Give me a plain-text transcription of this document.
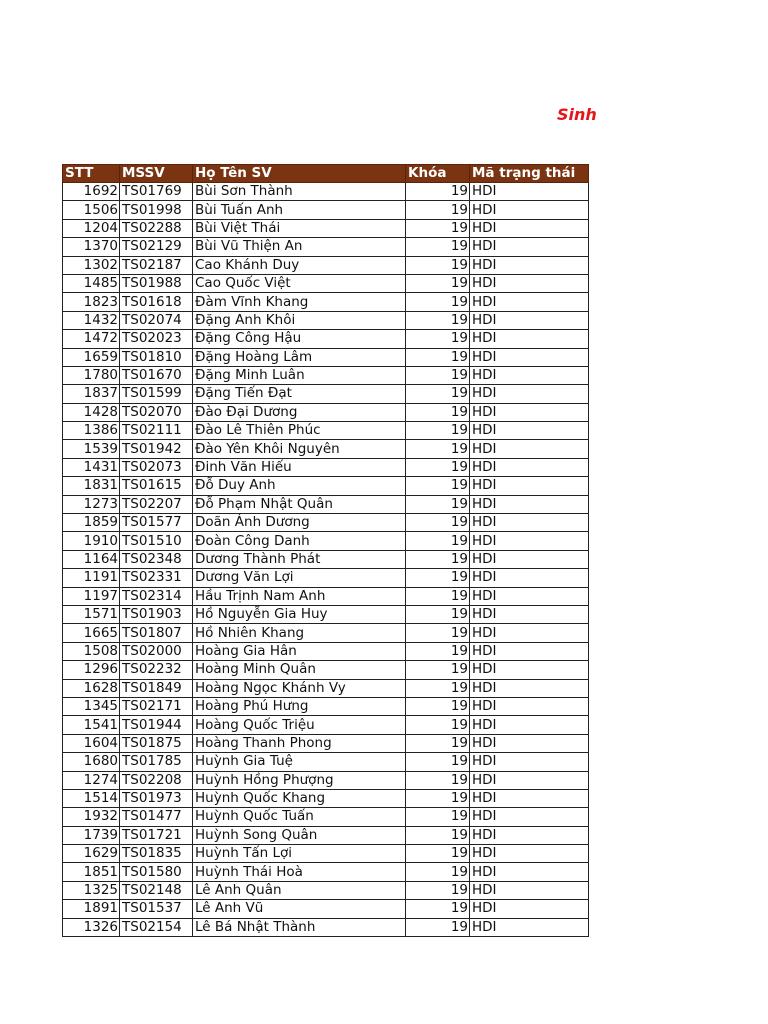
Sinh
STT	MSSV	Họ Tên SV	Khóa	Mã trạng thái
1692	TS01769	Bùi Sơn Thành	19	HDI
1506	TS01998	Bùi Tuấn Anh	19	HDI
1204	TS02288	Bùi Việt Thái	19	HDI
1370	TS02129	Bùi Vũ Thiện An	19	HDI
1302	TS02187	Cao Khánh Duy	19	HDI
1485	TS01988	Cao Quốc Việt	19	HDI
1823	TS01618	Đàm Vĩnh Khang	19	HDI
1432	TS02074	Đặng Anh Khôi	19	HDI
1472	TS02023	Đặng Công Hậu	19	HDI
1659	TS01810	Đặng Hoàng Lâm	19	HDI
1780	TS01670	Đặng Minh Luân	19	HDI
1837	TS01599	Đặng Tiến Đạt	19	HDI
1428	TS02070	Đào Đại Dương	19	HDI
1386	TS02111	Đào Lê Thiên Phúc	19	HDI
1539	TS01942	Đào Yên Khôi Nguyên	19	HDI
1431	TS02073	Đinh Văn Hiếu	19	HDI
1831	TS01615	Đỗ Duy Anh	19	HDI
1273	TS02207	Đỗ Phạm Nhật Quân	19	HDI
1859	TS01577	Doãn Ánh Dương	19	HDI
1910	TS01510	Đoàn Công Danh	19	HDI
1164	TS02348	Dương Thành Phát	19	HDI
1191	TS02331	Dương Văn Lợi	19	HDI
1197	TS02314	Hầu Trịnh Nam Anh	19	HDI
1571	TS01903	Hồ Nguyễn Gia Huy	19	HDI
1665	TS01807	Hồ Nhiên Khang	19	HDI
1508	TS02000	Hoàng Gia Hân	19	HDI
1296	TS02232	Hoàng Minh Quân	19	HDI
1628	TS01849	Hoàng Ngọc Khánh Vy	19	HDI
1345	TS02171	Hoàng Phú Hưng	19	HDI
1541	TS01944	Hoàng Quốc Triệu	19	HDI
1604	TS01875	Hoàng Thanh Phong	19	HDI
1680	TS01785	Huỳnh Gia Tuệ	19	HDI
1274	TS02208	Huỳnh Hồng Phượng	19	HDI
1514	TS01973	Huỳnh Quốc Khang	19	HDI
1932	TS01477	Huỳnh Quốc Tuấn	19	HDI
1739	TS01721	Huỳnh Song Quân	19	HDI
1629	TS01835	Huỳnh Tấn Lợi	19	HDI
1851	TS01580	Huỳnh Thái Hoà	19	HDI
1325	TS02148	Lê Anh Quân	19	HDI
1891	TS01537	Lê Anh Vũ	19	HDI
1326	TS02154	Lê Bá Nhật Thành	19	HDI
